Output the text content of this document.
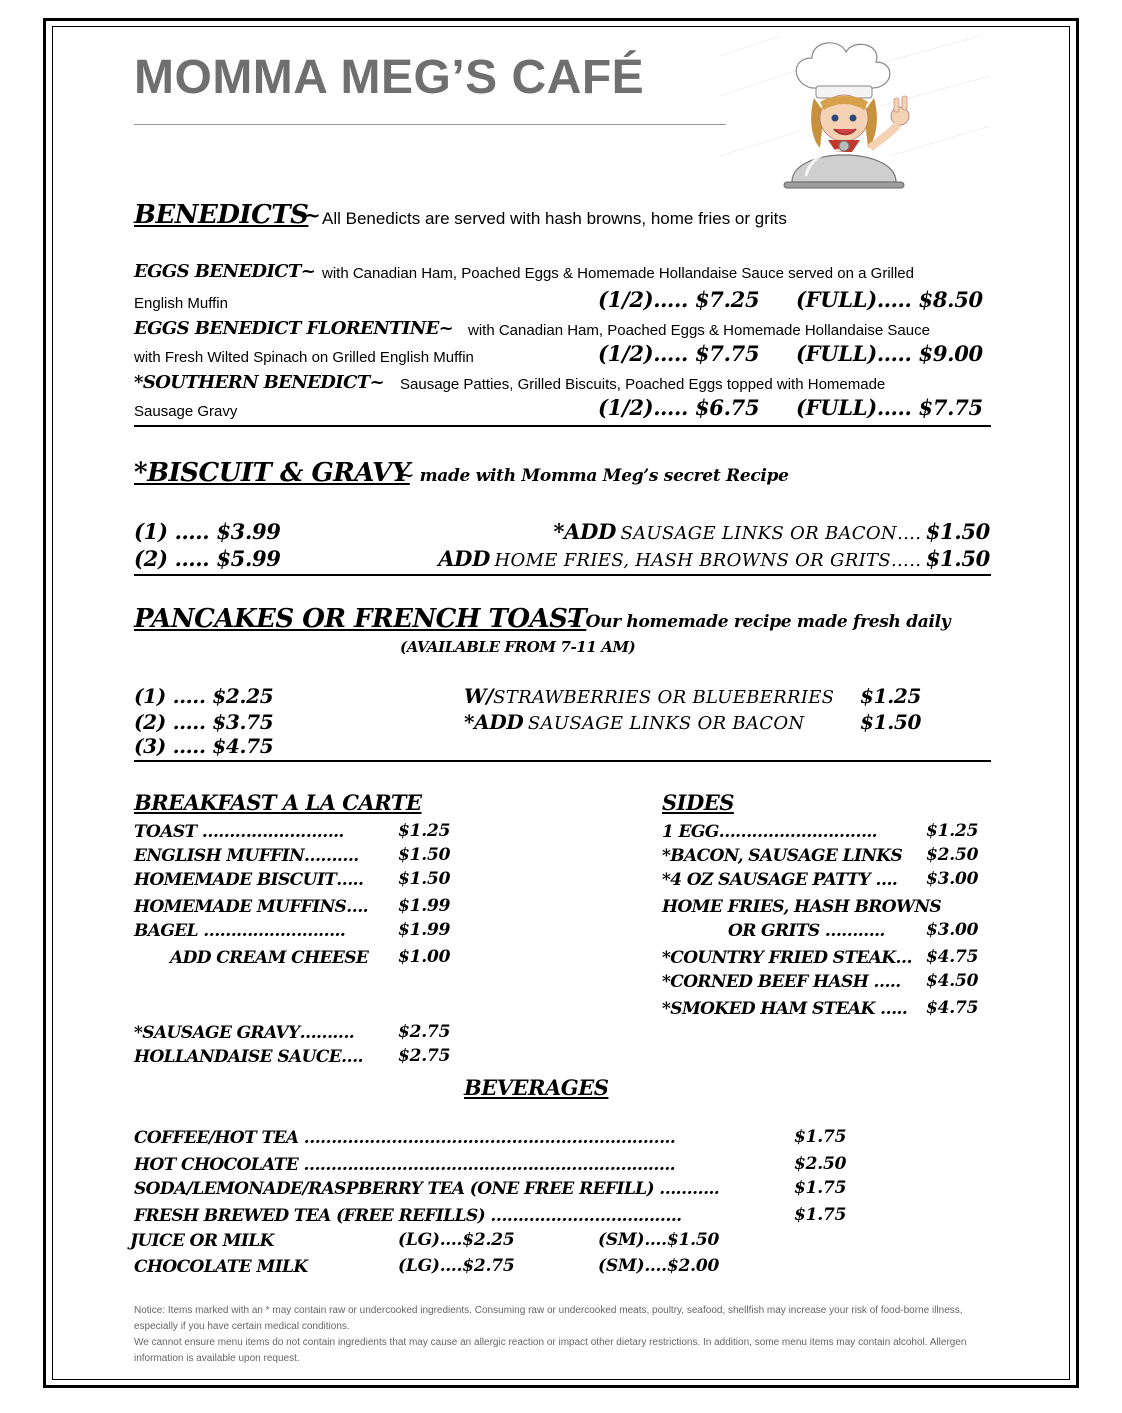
MOMMA MEG’S CAFÉ
BENEDICTS
~ All Benedicts are served with hash browns, home fries or grits
EGGS BENEDICT~ with Canadian Ham, Poached Eggs & Homemade Hollandaise Sauce served on a Grilled
English Muffin	(1/2)….. $7.25 (FULL)….. $8.50
EGGS BENEDICT FLORENTINE~ with Canadian Ham, Poached Eggs & Homemade Hollandaise Sauce
with Fresh Wilted Spinach on Grilled English Muffin	(1/2)….. $7.75 (FULL)….. $9.00
*SOUTHERN BENEDICT~ Sausage Patties, Grilled Biscuits, Poached Eggs topped with Homemade
Sausage Gravy	(1/2)….. $6.75 (FULL)….. $7.75
*BISCUIT & GRAVY
~ made with Momma Meg’s secret Recipe
(1) ….. $3.99
(2) ….. $5.99
*ADD SAUSAGE LINKS OR BACON…. $1.50
ADD HOME FRIES, HASH BROWNS OR GRITS….. $1.50
PANCAKES OR FRENCH TOAST
~ Our homemade recipe made fresh daily
(AVAILABLE FROM 7-11 AM)
(1) ….. $2.25
(2) ….. $3.75
(3) ….. $4.75
W/STRAWBERRIES OR BLUEBERRIES $1.25
*ADD SAUSAGE LINKS OR BACON	$1.50
BREAKFAST A LA CARTE
TOAST ……………………..	$1.25
ENGLISH MUFFIN………. $1.50
HOMEMADE BISCUIT….. $1.50
HOMEMADE MUFFINS…. $1.99
BAGEL ……………………..	$1.99
ADD CREAM CHEESE $1.00
*SAUSAGE GRAVY……….	$2.75
HOLLANDAISE SAUCE…. $2.75
SIDES
1 EGG………………………..	$1.25
*BACON, SAUSAGE LINKS $2.50
*4 OZ SAUSAGE PATTY …. $3.00
HOME FRIES, HASH BROWNS
OR GRITS ……….. $3.00
*COUNTRY FRIED STEAK… $4.75
*CORNED BEEF HASH ….. $4.50
*SMOKED HAM STEAK ….. $4.75
BEVERAGES
COFFEE/HOT TEA …………………………………………………………..	$1.75
HOT CHOCOLATE …………………………………………………………..	$2.50
SODA/LEMONADE/RASPBERRY TEA (ONE FREE REFILL) ………..	$1.75
FRESH BREWED TEA (FREE REFILLS) ……………………………..	$1.75
JUICE OR MILK	(LG)….$2.25	(SM)….$1.50
CHOCOLATE MILK	(LG)….$2.75	(SM)….$2.00
Notice: Items marked with an * may contain raw or undercooked ingredients. Consuming raw or undercooked meats, poultry, seafood, shellfish may increase your risk of food-borne illness, especially if you have certain medical conditions.
We cannot ensure menu items do not contain ingredients that may cause an allergic reaction or impact other dietary restrictions. In addition, some menu items may contain alcohol. Allergen information is available upon request.
